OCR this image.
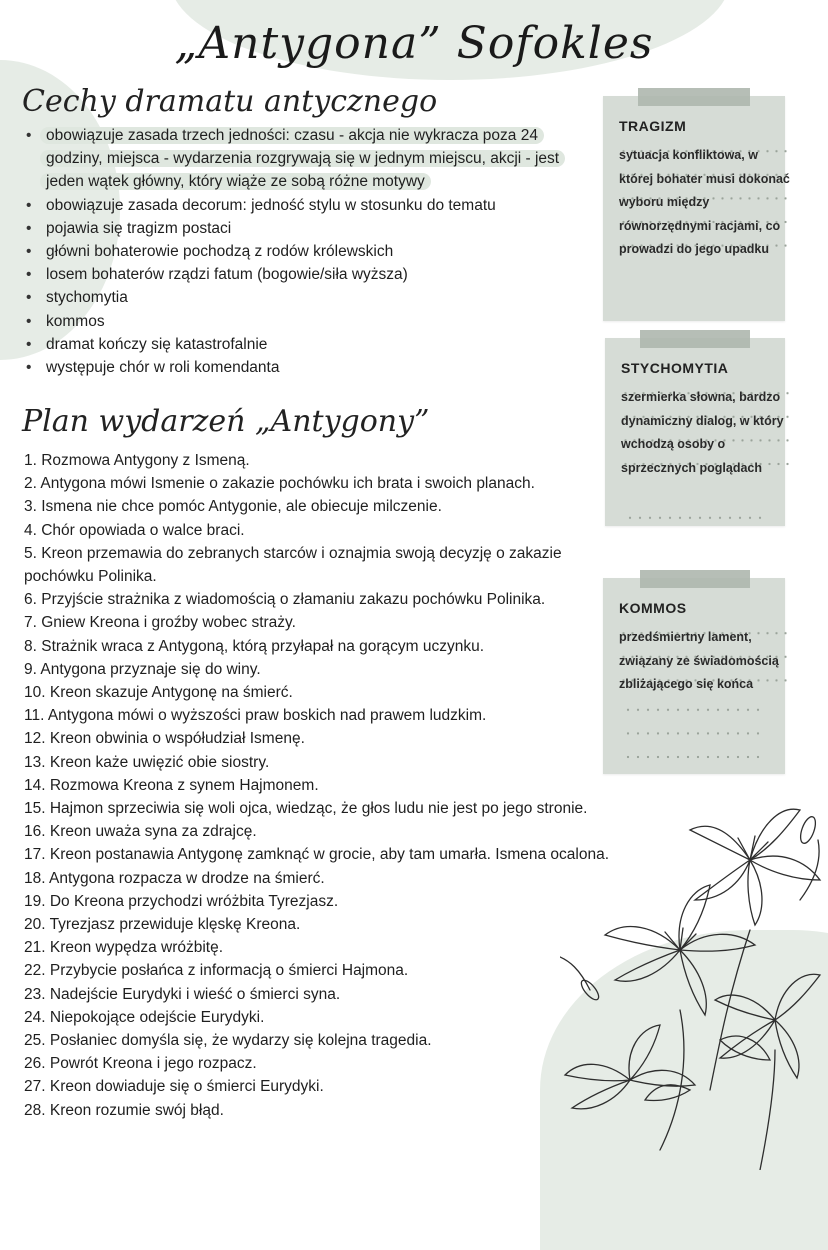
„Antygona” Sofokles
Cechy dramatu antycznego
• obowiązuje zasada trzech jedności: czasu - akcja nie wykracza poza 24 godziny, miejsca - wydarzenia rozgrywają się w jednym miejscu, akcji - jest jeden wątek główny, który wiąże ze sobą różne motywy
• obowiązuje zasada decorum: jedność stylu w stosunku do tematu
• pojawia się tragizm postaci
• główni bohaterowie pochodzą z rodów królewskich
• losem bohaterów rządzi fatum (bogowie/siła wyższa)
• stychomytia
• kommos
• dramat kończy się katastrofalnie
• występuje chór w roli komendanta
Plan wydarzeń „Antygony”
1. Rozmowa Antygony z Ismeną.
2. Antygona mówi Ismenie o zakazie pochówku ich brata i swoich planach.
3. Ismena nie chce pomóc Antygonie, ale obiecuje milczenie.
4. Chór opowiada o walce braci.
5. Kreon przemawia do zebranych starców i oznajmia swoją decyzję o zakazie pochówku Polinika.
6. Przyjście strażnika z wiadomością o złamaniu zakazu pochówku Polinika.
7. Gniew Kreona i groźby wobec straży.
8. Strażnik wraca z Antygoną, którą przyłapał na gorącym uczynku.
9. Antygona przyznaje się do winy.
10. Kreon skazuje Antygonę na śmierć.
11. Antygona mówi o wyższości praw boskich nad prawem ludzkim.
12. Kreon obwinia o współudział Ismenę.
13. Kreon każe uwięzić obie siostry.
14. Rozmowa Kreona z synem Hajmonem.
15. Hajmon sprzeciwia się woli ojca, wiedząc, że głos ludu nie jest po jego stronie.
16. Kreon uważa syna za zdrajcę.
17. Kreon postanawia Antygonę zamknąć w grocie, aby tam umarła. Ismena ocalona.
18. Antygona rozpacza w drodze na śmierć.
19. Do Kreona przychodzi wróżbita Tyrezjasz.
20. Tyrezjasz przewiduje klęskę Kreona.
21. Kreon wypędza wróżbitę.
22. Przybycie posłańca z informacją o śmierci Hajmona.
23. Nadejście Eurydyki i wieść o śmierci syna.
24. Niepokojące odejście Eurydyki.
25. Posłaniec domyśla się, że wydarzy się kolejna tragedia.
26. Powrót Kreona i jego rozpacz.
27. Kreon dowiaduje się o śmierci Eurydyki.
28. Kreon rozumie swój błąd.
TRAGIZM

sytuacja konfliktowa, w której bohater musi dokonać wyboru między równorzędnymi racjami, co prowadzi do jego upadku

STYCHOMYTIA

szermierka słowna, bardzo dynamiczny dialog, w który wchodzą osoby o sprzecznych poglądach

KOMMOS

przedśmiertny lament, związany ze świadomością zbliżającego się końca
